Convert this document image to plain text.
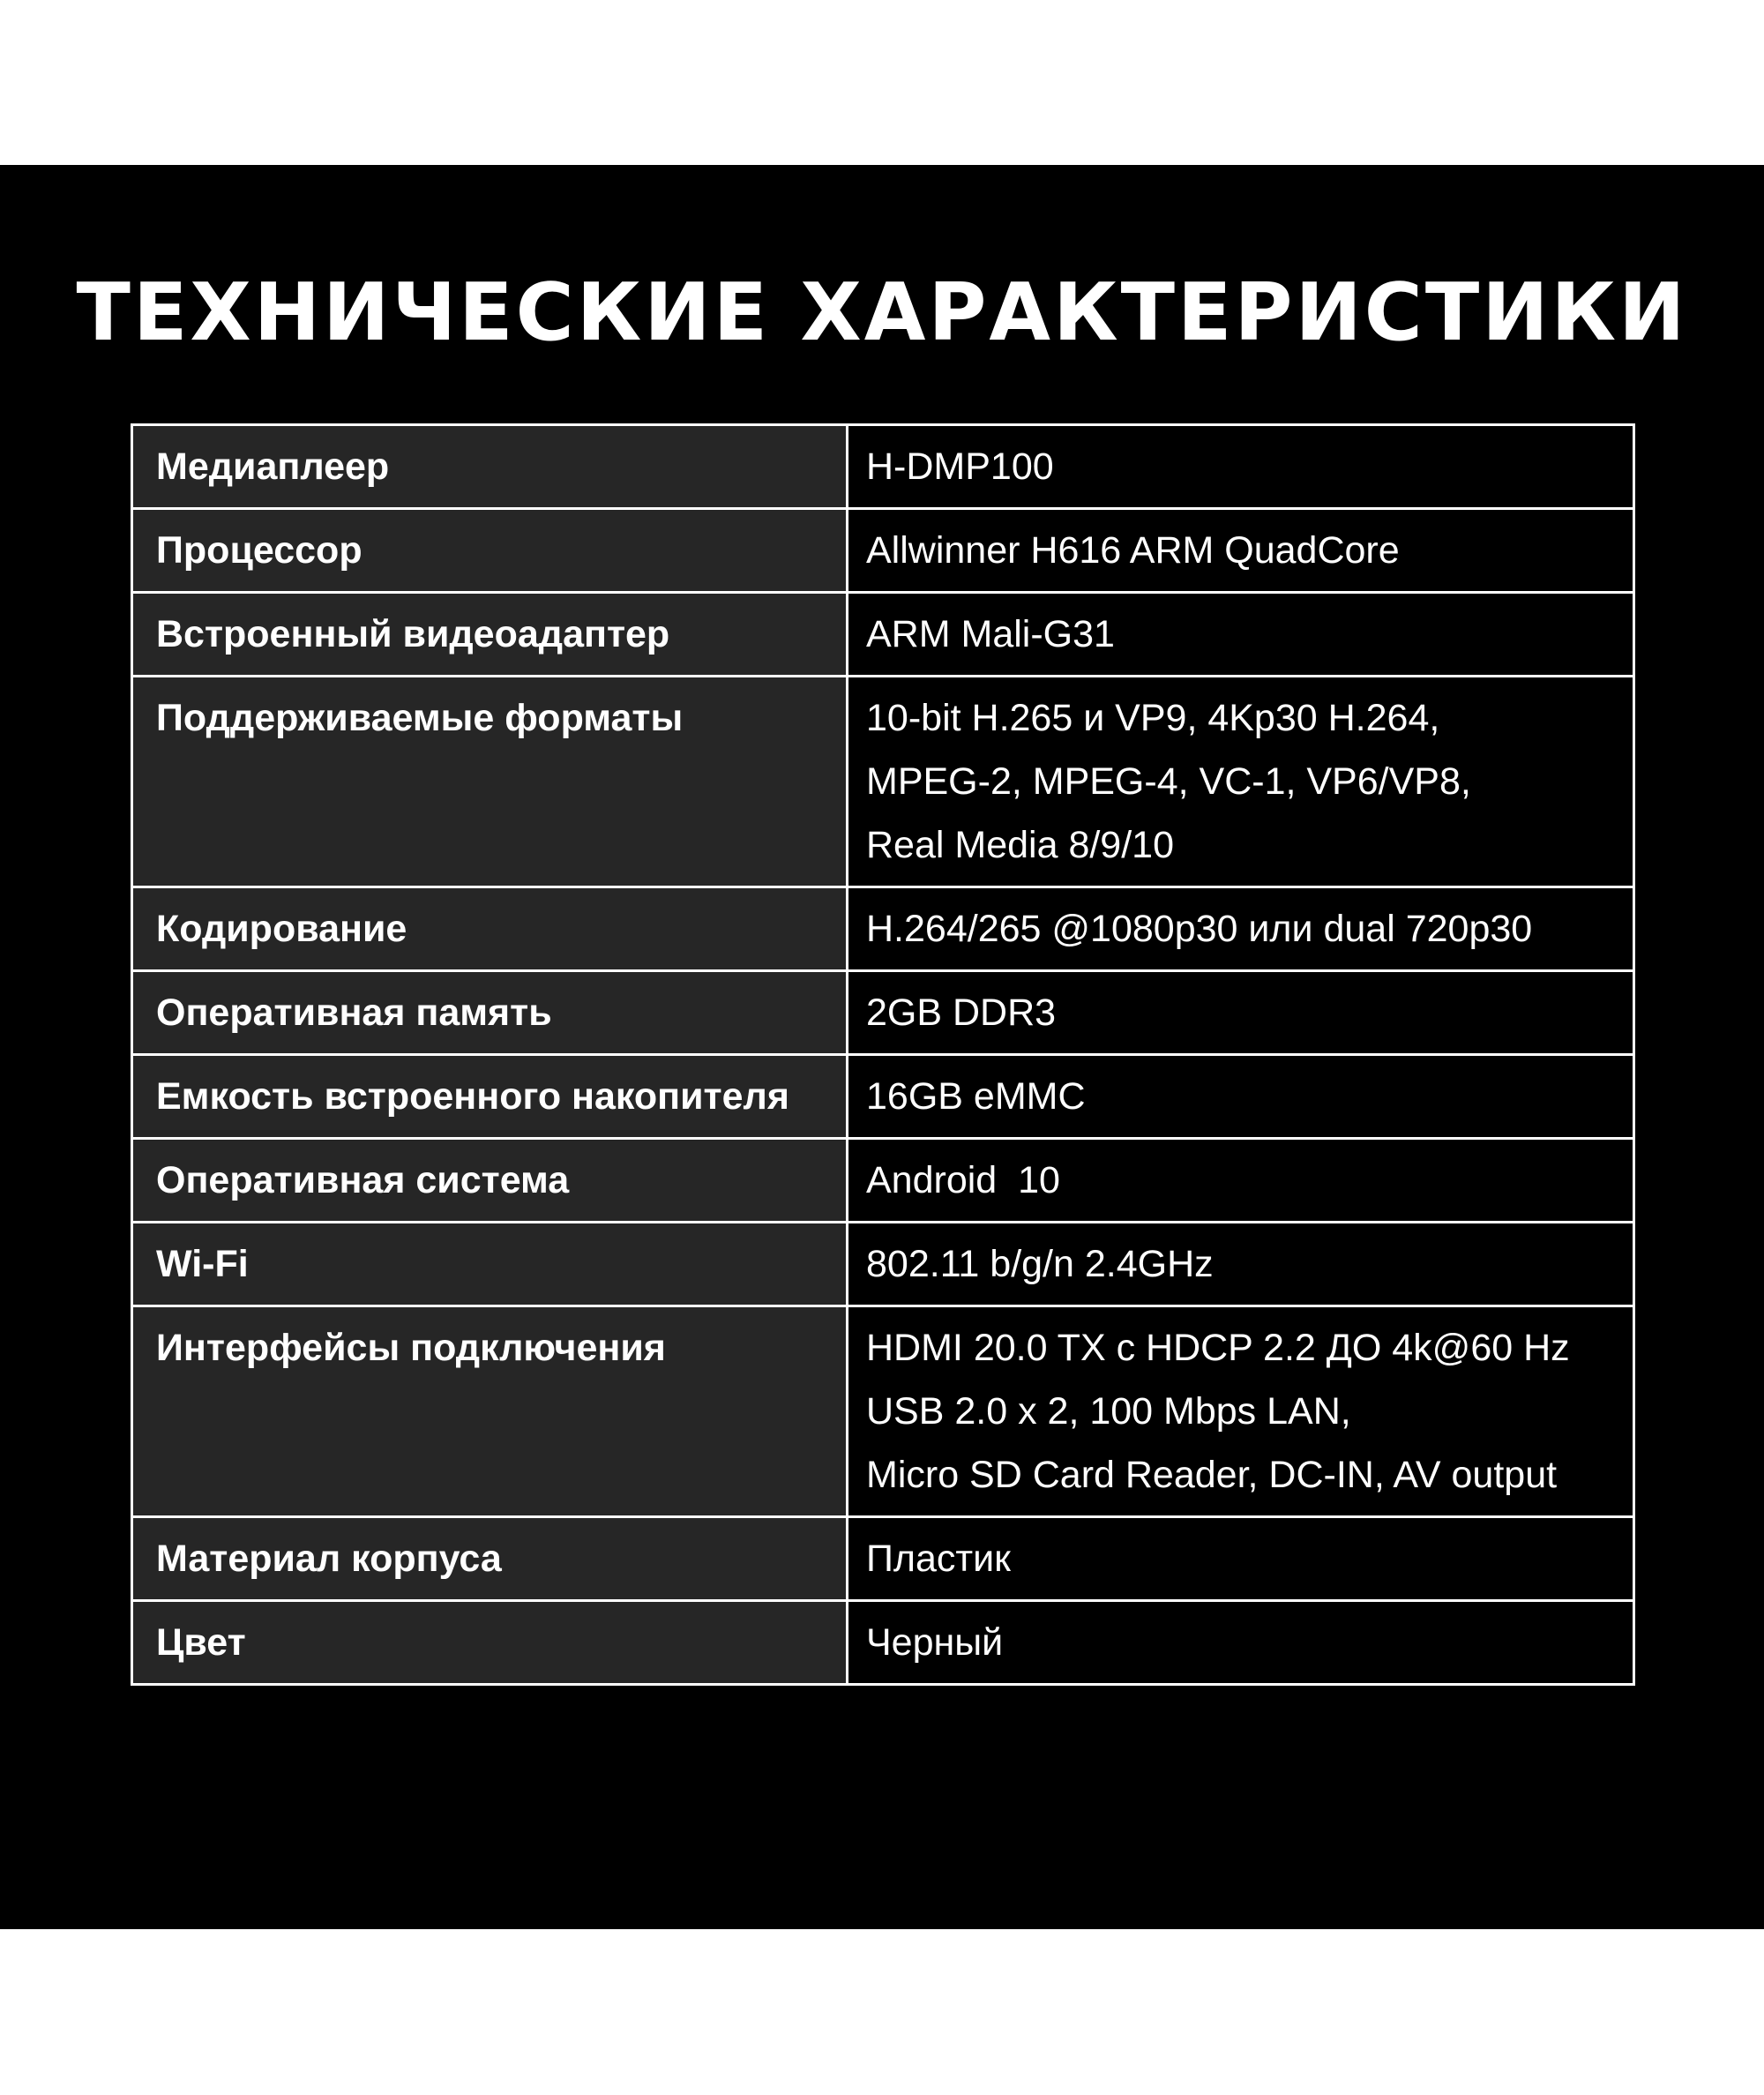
ТЕХНИЧЕСКИЕ ХАРАКТЕРИСТИКИ
Медиаплеер	H-DMP100

Процессор	Allwinner H616 ARM QuadCore

Встроенный видеоадаптер	ARM Mali-G31

Поддерживаемые форматы	10-bit H.265 и VP9, 4Kp30 H.264,
MPEG-2, MPEG-4, VC-1, VP6/VP8,
Real Media 8/9/10

Кодирование	H.264/265 @1080p30 или dual 720p30

Оперативная память	2GB DDR3

Емкость встроенного накопителя	16GB eMMC

Оперативная система	Android  10

Wi-Fi	802.11 b/g/n 2.4GHz

Интерфейсы подключения	HDMI 20.0 TX с HDCP 2.2 ДО 4k@60 Hz
USB 2.0 x 2, 100 Mbps LAN,
Micro SD Card Reader, DC-IN, AV output

Материал корпуса	Пластик

Цвет	Черный
